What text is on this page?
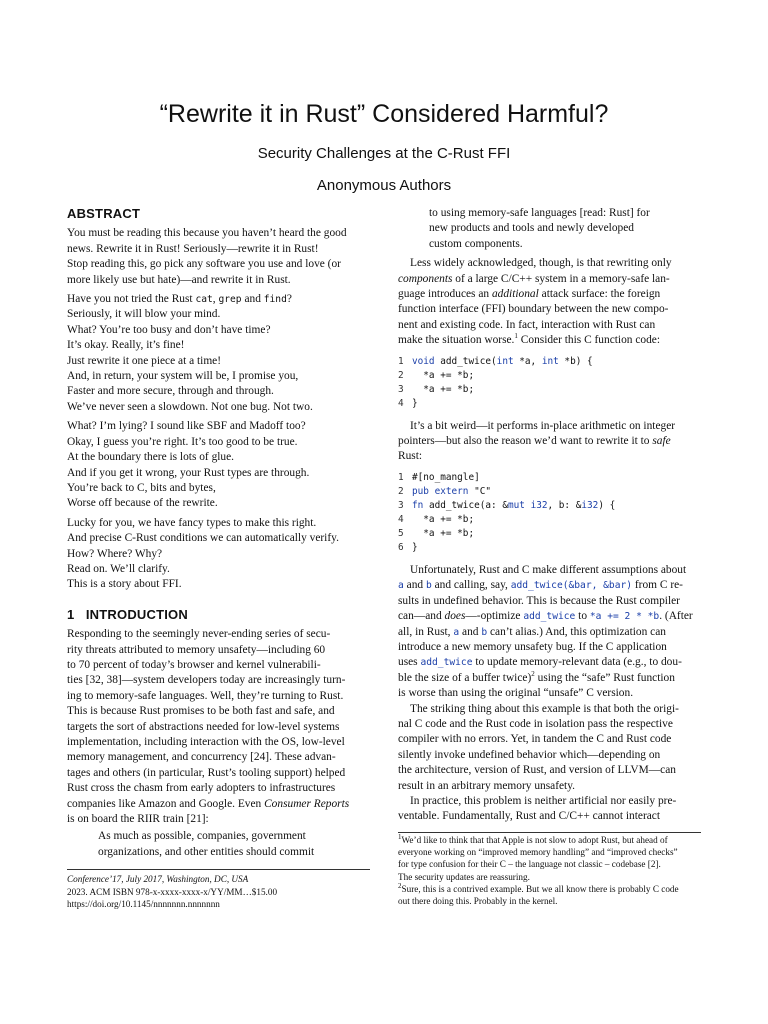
“Rewrite it in Rust” Considered Harmful?
Security Challenges at the C-Rust FFI
Anonymous Authors
ABSTRACT
You must be reading this because you haven’t heard the good
news. Rewrite it in Rust! Seriously—rewrite it in Rust!
Stop reading this, go pick any software you use and love (or
more likely use but hate)—and rewrite it in Rust.
Have you not tried the Rust cat, grep and find?
Seriously, it will blow your mind.
What? You’re too busy and don’t have time?
It’s okay. Really, it’s fine!
Just rewrite it one piece at a time!
And, in return, your system will be, I promise you,
Faster and more secure, through and through.
We’ve never seen a slowdown. Not one bug. Not two.
What? I’m lying? I sound like SBF and Madoff too?
Okay, I guess you’re right. It’s too good to be true.
At the boundary there is lots of glue.
And if you get it wrong, your Rust types are through.
You’re back to C, bits and bytes,
Worse off because of the rewrite.
Lucky for you, we have fancy types to make this right.
And precise C-Rust conditions we can automatically verify.
How? Where? Why?
Read on. We’ll clarify.
This is a story about FFI.
1 INTRODUCTION
Responding to the seemingly never-ending series of secu-
rity threats attributed to memory unsafety—including 60
to 70 percent of today’s browser and kernel vulnerabili-
ties [32, 38]—system developers today are increasingly turn-
ing to memory-safe languages. Well, they’re turning to Rust.
This is because Rust promises to be both fast and safe, and
targets the sort of abstractions needed for low-level systems
implementation, including interaction with the OS, low-level
memory management, and concurrency [24]. These advan-
tages and others (in particular, Rust’s tooling support) helped
Rust cross the chasm from early adopters to infrastructures
companies like Amazon and Google. Even Consumer Reports
is on board the RIIR train [21]:
As much as possible, companies, government
organizations, and other entities should commit
Conference’17, July 2017, Washington, DC, USA
2023. ACM ISBN 978-x-xxxx-xxxx-x/YY/MM…$15.00
https://doi.org/10.1145/nnnnnnn.nnnnnnn
to using memory-safe languages [read: Rust] for
new products and tools and newly developed
custom components.
Less widely acknowledged, though, is that rewriting only
components of a large C/C++ system in a memory-safe lan-
guage introduces an additional attack surface: the foreign
function interface (FFI) boundary between the new compo-
nent and existing code. In fact, interaction with Rust can
make the situation worse.$^1$ Consider this C function code:
1 void add_twice(int *a, int *b) {
2  *a += *b;
3  *a += *b;
4 }
It’s a bit weird—it performs in-place arithmetic on integer
pointers—but also the reason we’d want to rewrite it to safe
Rust:
1 #[no_mangle]
2 pub extern "C"
3 fn add_twice(a: &mut i32, b: &i32) {
4  *a += *b;
5  *a += *b;
6 }
Unfortunately, Rust and C make different assumptions about
a and b and calling, say, add_twice(&bar, &bar) from C re-
sults in undefined behavior. This is because the Rust compiler
can—and does—-optimize add_twice to *a += 2 * *b. (After
all, in Rust, a and b can’t alias.) And, this optimization can
introduce a new memory unsafety bug. If the C application
uses add_twice to update memory-relevant data (e.g., to dou-
ble the size of a buffer twice)$^2$ using the “safe” Rust function
is worse than using the original “unsafe” C version.
The striking thing about this example is that both the origi-
nal C code and the Rust code in isolation pass the respective
compiler with no errors. Yet, in tandem the C and Rust code
silently invoke undefined behavior which—depending on
the architecture, version of Rust, and version of LLVM—can
result in an arbitrary memory unsafety.
In practice, this problem is neither artificial nor easily pre-
ventable. Fundamentally, Rust and C/C++ cannot interact
$^1$We’d like to think that that Apple is not slow to adopt Rust, but ahead of
everyone working on “improved memory handling” and “improved checks”
for type confusion for their C – the language not classic – codebase [2].
The security updates are reassuring.
$^2$Sure, this is a contrived example. But we all know there is probably C code
out there doing this. Probably in the kernel.
